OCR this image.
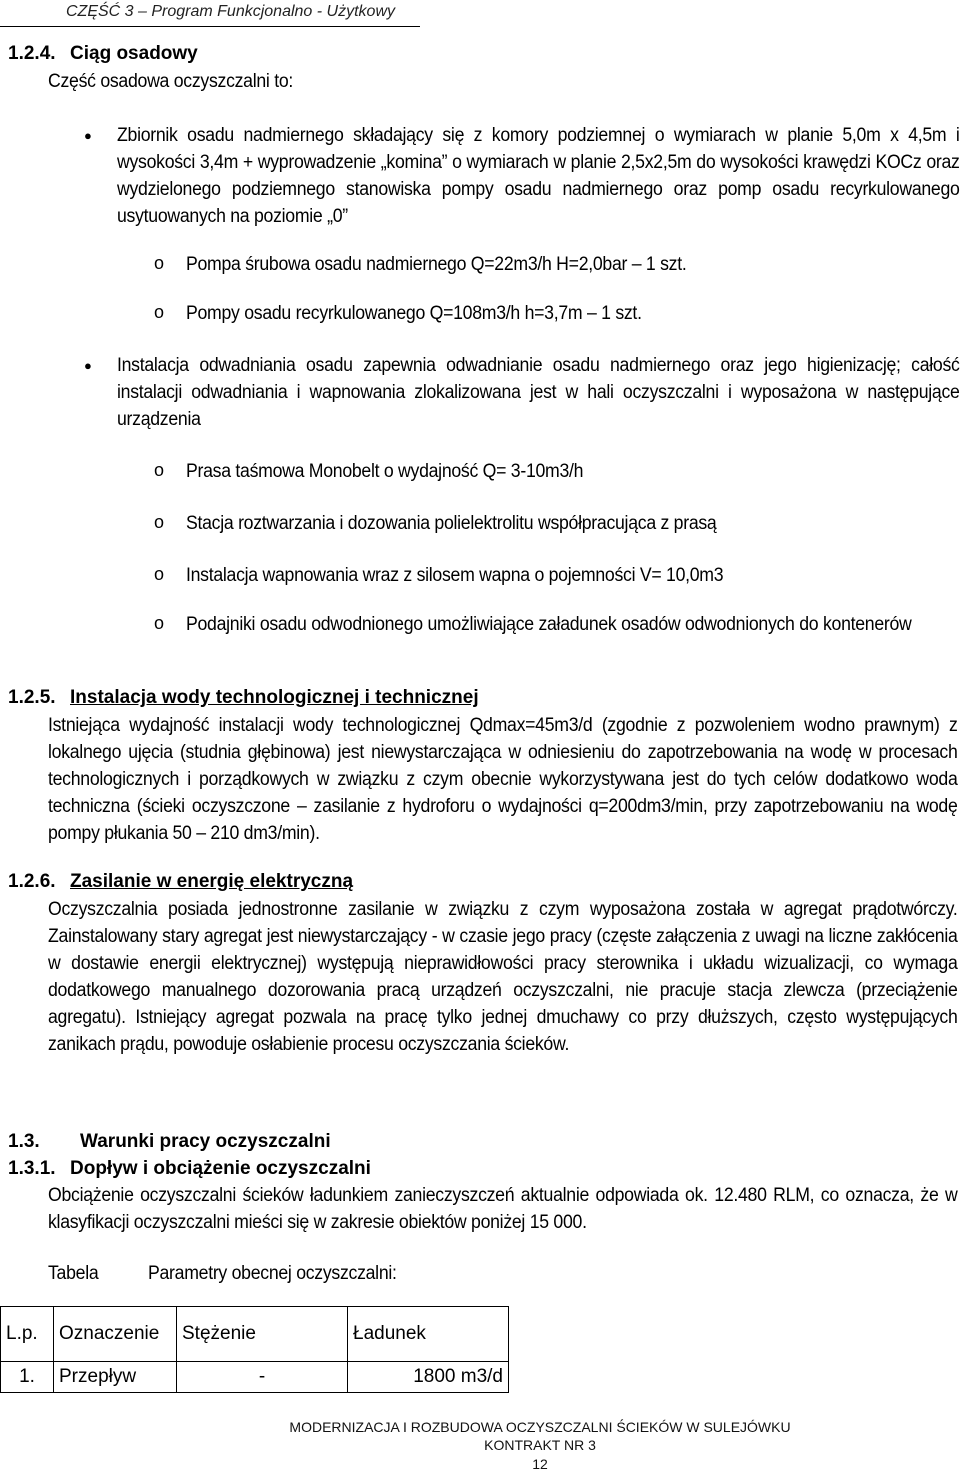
CZĘŚĆ 3 – Program Funkcjonalno - Użytkowy
1.2.4. Ciąg osadowy
Część osadowa oczyszczalni to:
● Zbiornik osadu nadmiernego składający się z komory podziemnej o wymiarach w planie 5,0m x 4,5m i wysokości 3,4m + wyprowadzenie „komina” o wymiarach w planie 2,5x2,5m do wysokości krawędzi KOCz oraz wydzielonego podziemnego stanowiska pompy osadu nadmiernego oraz pomp osadu recyrkulowanego usytuowanych na poziomie „0”
o Pompa śrubowa osadu nadmiernego Q=22m3/h H=2,0bar – 1 szt.
o Pompy osadu recyrkulowanego Q=108m3/h h=3,7m – 1 szt.
● Instalacja odwadniania osadu zapewnia odwadnianie osadu nadmiernego oraz jego higienizację; całość instalacji odwadniania i wapnowania zlokalizowana jest w hali oczyszczalni i wyposażona w następujące urządzenia
o Prasa taśmowa Monobelt o wydajność Q= 3-10m3/h
o Stacja roztwarzania i dozowania polielektrolitu współpracująca z prasą
o Instalacja wapnowania wraz z silosem wapna o pojemności V= 10,0m3
o Podajniki osadu odwodnionego umożliwiające załadunek osadów odwodnionych do kontenerów
1.2.5. Instalacja wody technologicznej i technicznej
Istniejąca wydajność instalacji wody technologicznej Qdmax=45m3/d (zgodnie z pozwoleniem wodno prawnym) z lokalnego ujęcia (studnia głębinowa) jest niewystarczająca w odniesieniu do zapotrzebowania na wodę w procesach technologicznych i porządkowych w związku z czym obecnie wykorzystywana jest do tych celów dodatkowo woda techniczna (ścieki oczyszczone – zasilanie z hydroforu o wydajności q=200dm3/min, przy zapotrzebowaniu na wodę pompy płukania 50 – 210 dm3/min).
1.2.6. Zasilanie w energię elektryczną
Oczyszczalnia posiada jednostronne zasilanie w związku z czym wyposażona została w agregat prądotwórczy. Zainstalowany stary agregat jest niewystarczający - w czasie jego pracy (częste załączenia z uwagi na liczne zakłócenia w dostawie energii elektrycznej) występują nieprawidłowości pracy sterownika i układu wizualizacji, co wymaga dodatkowego manualnego dozorowania pracą urządzeń oczyszczalni, nie pracuje stacja zlewcza (przeciążenie agregatu). Istniejący agregat pozwala na pracę tylko jednej dmuchawy co przy dłuższych, często występujących zanikach prądu, powoduje osłabienie procesu oczyszczania ścieków.
1.3. Warunki pracy oczyszczalni
1.3.1. Dopływ i obciążenie oczyszczalni
Obciążenie oczyszczalni ścieków ładunkiem zanieczyszczeń aktualnie odpowiada ok. 12.480 RLM, co oznacza, że w klasyfikacji oczyszczalni mieści się w zakresie obiektów poniżej 15 000.
Tabela	Parametry obecnej oczyszczalni:
L.p.	Oznaczenie	Stężenie	Ładunek
1.	Przepływ	-	1800 m3/d
MODERNIZACJA I ROZBUDOWA OCZYSZCZALNI ŚCIEKÓW W SULEJÓWKU
KONTRAKT NR 3
12
